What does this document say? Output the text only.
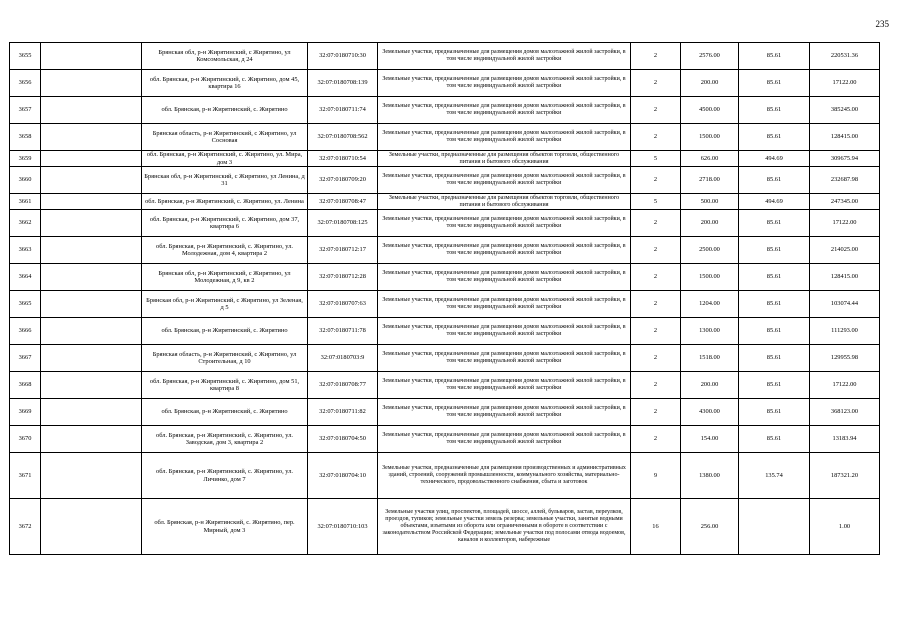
235
3655		Брянская обл, р-н Жирятинский, с Жирятино, ул Комсомольская, д 24	32:07:0180710:30	Земельные участки, предназначенные для размещения домов малоэтажной жилой застройки, в том числе индивидуальной жилой застройки	2	2576.00	85.61	220531.36
3656		обл. Брянская, р-н Жирятинский, с. Жирятино, дом 45, квартира 16	32:07:0180708:139	Земельные участки, предназначенные для размещения домов малоэтажной жилой застройки, в том числе индивидуальной жилой застройки	2	200.00	85.61	17122.00
3657		обл. Брянская, р-н Жирятинский, с. Жирятино	32:07:0180711:74	Земельные участки, предназначенные для размещения домов малоэтажной жилой застройки, в том числе индивидуальной жилой застройки	2	4500.00	85.61	385245.00
3658		Брянская область, р-н Жирятинский, с Жирятино, ул Сосновая	32:07:0180708:562	Земельные участки, предназначенные для размещения домов малоэтажной жилой застройки, в том числе индивидуальной жилой застройки	2	1500.00	85.61	128415.00
3659		обл. Брянская, р-н Жирятинский, с. Жирятино, ул. Мира, дом 3	32:07:0180710:54	Земельные участки, предназначенные для размещения объектов торговли, общественного питания и бытового обслуживания	5	626.00	494.69	309675.94
3660		Брянская обл, р-н Жирятинский, с Жирятино, ул Ленина, д 31	32:07:0180709:20	Земельные участки, предназначенные для размещения домов малоэтажной жилой застройки, в том числе индивидуальной жилой застройки	2	2718.00	85.61	232687.98
3661		обл. Брянская, р-н Жирятинский, с. Жирятино, ул. Ленина	32:07:0180708:47	Земельные участки, предназначенные для размещения объектов торговли, общественного питания и бытового обслуживания	5	500.00	494.69	247345.00
3662		обл. Брянская, р-н Жирятинский, с. Жирятино, дом 37, квартира 6	32:07:0180708:125	Земельные участки, предназначенные для размещения домов малоэтажной жилой застройки, в том числе индивидуальной жилой застройки	2	200.00	85.61	17122.00
3663		обл. Брянская, р-н Жирятинский, с. Жирятино, ул. Молодежная, дом 4, квартира 2	32:07:0180712:17	Земельные участки, предназначенные для размещения домов малоэтажной жилой застройки, в том числе индивидуальной жилой застройки	2	2500.00	85.61	214025.00
3664		Брянская обл, р-н Жирятинский, с Жирятино, ул Молодежная, д 9, кв 2	32:07:0180712:28	Земельные участки, предназначенные для размещения домов малоэтажной жилой застройки, в том числе индивидуальной жилой застройки	2	1500.00	85.61	128415.00
3665		Брянская обл, р-н Жирятинский, с Жирятино, ул Зеленая, д 5	32:07:0180707:63	Земельные участки, предназначенные для размещения домов малоэтажной жилой застройки, в том числе индивидуальной жилой застройки	2	1204.00	85.61	103074.44
3666		обл. Брянская, р-н Жирятинский, с. Жирятино	32:07:0180711:78	Земельные участки, предназначенные для размещения домов малоэтажной жилой застройки, в том числе индивидуальной жилой застройки	2	1300.00	85.61	111293.00
3667		Брянская область, р-н Жирятинский, с Жирятино, ул Строительная, д 10	32:07:0180703:9	Земельные участки, предназначенные для размещения домов малоэтажной жилой застройки, в том числе индивидуальной жилой застройки	2	1518.00	85.61	129955.98
3668		обл. Брянская, р-н Жирятинский, с. Жирятино, дом 51, квартира 8	32:07:0180708:77	Земельные участки, предназначенные для размещения домов малоэтажной жилой застройки, в том числе индивидуальной жилой застройки	2	200.00	85.61	17122.00
3669		обл. Брянская, р-н Жирятинский, с. Жирятино	32:07:0180711:82	Земельные участки, предназначенные для размещения домов малоэтажной жилой застройки, в том числе индивидуальной жилой застройки	2	4300.00	85.61	368123.00
3670		обл. Брянская, р-н Жирятинский, с. Жирятино, ул. Заводская, дом 3, квартира 2	32:07:0180704:50	Земельные участки, предназначенные для размещения домов малоэтажной жилой застройки, в том числе индивидуальной жилой застройки	2	154.00	85.61	13183.94
3671		обл. Брянская, р-н Жирятинский, с. Жирятино, ул. Личинко, дом 7	32:07:0180704:10	Земельные участки, предназначенные для размещения производственных и административных зданий, строений, сооружений промышленности, коммунального хозяйства, материально-технического, продовольственного снабжения, сбыта и заготовок	9	1380.00	135.74	187321.20
3672		обл. Брянская, р-н Жирятинский, с. Жирятино, пер. Мирный, дом 3	32:07:0180710:103	Земельные участки улиц, проспектов, площадей, шоссе, аллей, бульваров, застав, переулков, проездов, тупиков; земельные участки земель резерва; земельные участки, занятые водными объектами, изъятыми из оборота или ограниченными в обороте в соответствии с законодательством Российской Федерации; земельные участки под полосами отвода водоемов, каналов и коллекторов, набережные	16	256.00		1.00
